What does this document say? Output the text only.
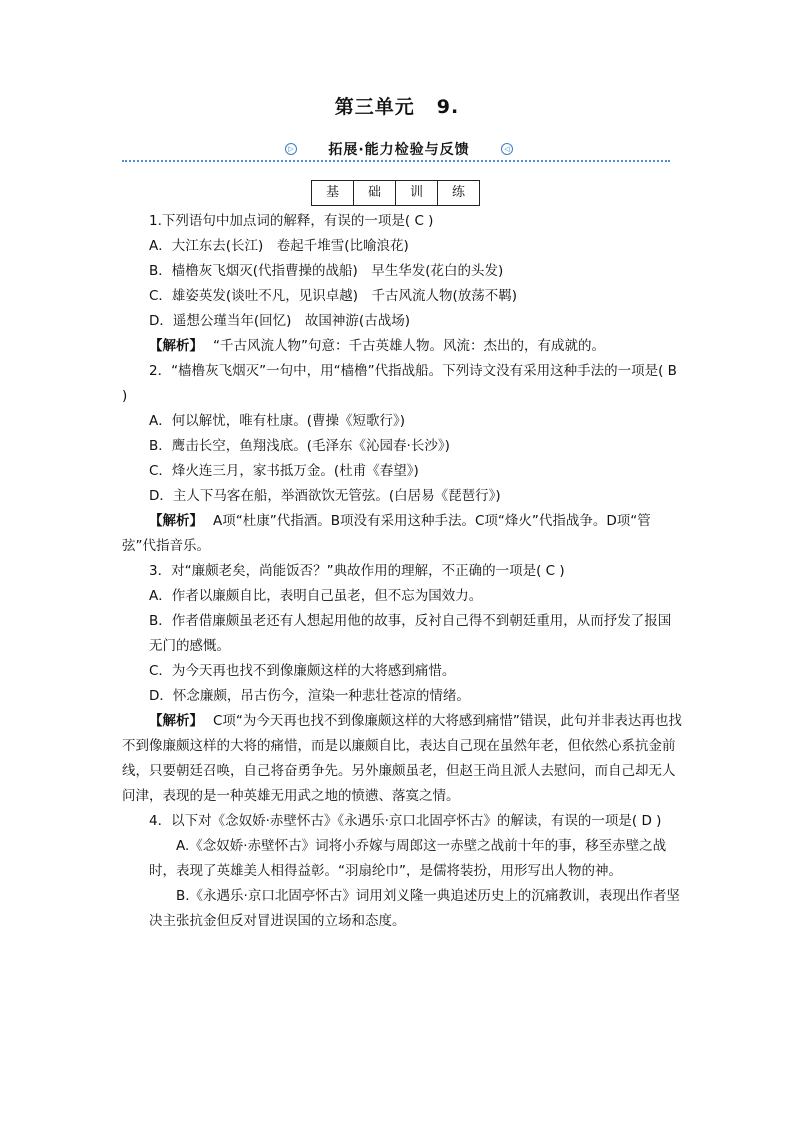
第三单元 9.
▷ 拓展·能力检验与反馈	◁
基	础	训	练

1.下列语句中加点词的解释，有误的一项是( C )

A．大江东去(长江)　卷起千堆雪(比喻浪花)

B．樯橹灰飞烟灭(代指曹操的战船)　早生华发(花白的头发)

C．雄姿英发(谈吐不凡，见识卓越)　千古风流人物(放荡不羁)

D．遥想公瑾当年(回忆)　故国神游(古战场)

【解析】 “千古风流人物”句意：千古英雄人物。风流：杰出的，有成就的。

2．“樯橹灰飞烟灭”一句中，用“樯橹”代指战船。下列诗文没有采用这种手法的一项是( B )

A．何以解忧，唯有杜康。(曹操《短歌行》)

B．鹰击长空，鱼翔浅底。(毛泽东《沁园春·长沙》)

C．烽火连三月，家书抵万金。(杜甫《春望》)

D．主人下马客在船，举酒欲饮无管弦。(白居易《琵琶行》)

【解析】 A项“杜康”代指酒。B项没有采用这种手法。C项“烽火”代指战争。D项“管弦”代指音乐。

3．对“廉颇老矣，尚能饭否？”典故作用的理解，不正确的一项是( C )

A．作者以廉颇自比，表明自己虽老，但不忘为国效力。

B．作者借廉颇虽老还有人想起用他的故事，反衬自己得不到朝廷重用，从而抒发了报国无门的感慨。

C．为今天再也找不到像廉颇这样的大将感到痛惜。

D．怀念廉颇，吊古伤今，渲染一种悲壮苍凉的情绪。

【解析】 C项“为今天再也找不到像廉颇这样的大将感到痛惜”错误，此句并非表达再也找不到像廉颇这样的大将的痛惜，而是以廉颇自比，表达自己现在虽然年老，但依然心系抗金前线，只要朝廷召唤，自己将奋勇争先。另外廉颇虽老，但赵王尚且派人去慰问，而自己却无人问津，表现的是一种英雄无用武之地的愤懑、落寞之情。

4．以下对《念奴娇·赤壁怀古》《永遇乐·京口北固亭怀古》的解读，有误的一项是( D )

A.《念奴娇·赤壁怀古》词将小乔嫁与周郎这一赤壁之战前十年的事，移至赤壁之战时，表现了英雄美人相得益彰。“羽扇纶巾”，是儒将装扮，用形写出人物的神。

B.《永遇乐·京口北固亭怀古》词用刘义隆一典追述历史上的沉痛教训，表现出作者坚决主张抗金但反对冒进误国的立场和态度。
